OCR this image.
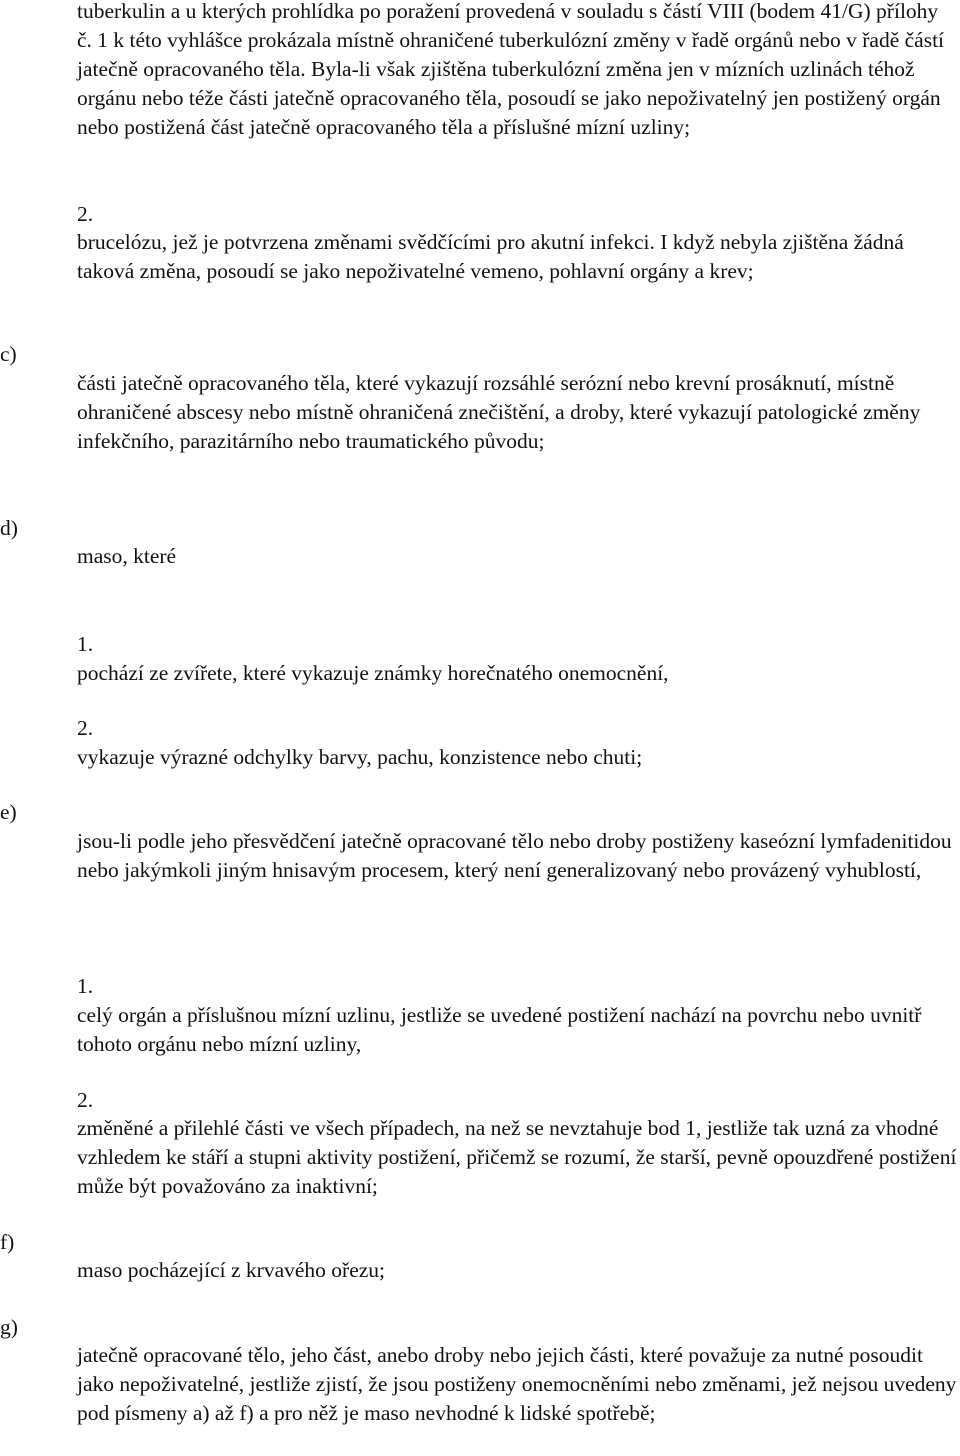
tuberkulin a u kterých prohlídka po poražení provedená v souladu s částí VIII (bodem 41/G) přílohy č. 1 k této vyhlášce prokázala místně ohraničené tuberkulózní změny v řadě orgánů nebo v řadě částí jatečně opracovaného těla. Byla-li však zjištěna tuberkulózní změna jen v mízních uzlinách téhož orgánu nebo téže části jatečně opracovaného těla, posoudí se jako nepoživatelný jen postižený orgán nebo postižená část jatečně opracovaného těla a příslušné mízní uzliny;

2.

brucelózu, jež je potvrzena změnami svědčícími pro akutní infekci. I když nebyla zjištěna žádná taková změna, posoudí se jako nepoživatelné vemeno, pohlavní orgány a krev;

c)

části jatečně opracovaného těla, které vykazují rozsáhlé serózní nebo krevní prosáknutí, místně ohraničené abscesy nebo místně ohraničená znečištění, a droby, které vykazují patologické změny infekčního, parazitárního nebo traumatického původu;

d)

maso, které

1.

pochází ze zvířete, které vykazuje známky horečnatého onemocnění,

2.

vykazuje výrazné odchylky barvy, pachu, konzistence nebo chuti;

e)

jsou-li podle jeho přesvědčení jatečně opracované tělo nebo droby postiženy kaseózní lymfadenitidou nebo jakýmkoli jiným hnisavým procesem, který není generalizovaný nebo provázený vyhublostí,

1.

celý orgán a příslušnou mízní uzlinu, jestliže se uvedené postižení nachází na povrchu nebo uvnitř tohoto orgánu nebo mízní uzliny,

2.

změněné a přilehlé části ve všech případech, na než se nevztahuje bod 1, jestliže tak uzná za vhodné vzhledem ke stáří a stupni aktivity postižení, přičemž se rozumí, že starší, pevně opouzdřené postižení může být považováno za inaktivní;

f)

maso pocházející z krvavého ořezu;

g)

jatečně opracované tělo, jeho část, anebo droby nebo jejich části, které považuje za nutné posoudit jako nepoživatelné, jestliže zjistí, že jsou postiženy onemocněními nebo změnami, jež nejsou uvedeny pod písmeny a) až f) a pro něž je maso nevhodné k lidské spotřebě;
